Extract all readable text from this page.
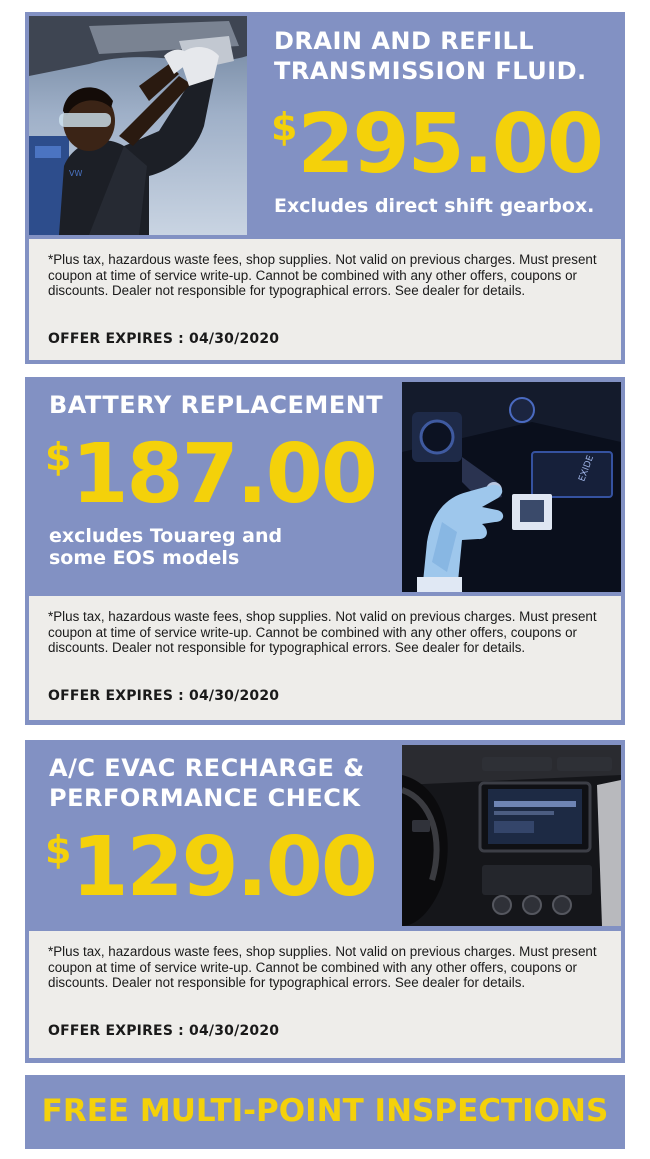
VW
DRAIN AND REFILL
TRANSMISSION FLUID.
$295.00
Excludes direct shift gearbox.
*Plus tax, hazardous waste fees, shop supplies. Not valid on previous charges. Must present coupon at time of service write-up. Cannot be combined with any other offers, coupons or discounts. Dealer not responsible for typographical errors. See dealer for details.
OFFER EXPIRES : 04/30/2020
BATTERY REPLACEMENT
$187.00
excludes Touareg and
some EOS models
EXIDE
*Plus tax, hazardous waste fees, shop supplies. Not valid on previous charges. Must present coupon at time of service write-up. Cannot be combined with any other offers, coupons or discounts. Dealer not responsible for typographical errors. See dealer for details.
OFFER EXPIRES : 04/30/2020
A/C EVAC RECHARGE &
PERFORMANCE CHECK
$129.00
*Plus tax, hazardous waste fees, shop supplies. Not valid on previous charges. Must present coupon at time of service write-up. Cannot be combined with any other offers, coupons or discounts. Dealer not responsible for typographical errors. See dealer for details.
OFFER EXPIRES : 04/30/2020
FREE MULTI-POINT INSPECTIONS
